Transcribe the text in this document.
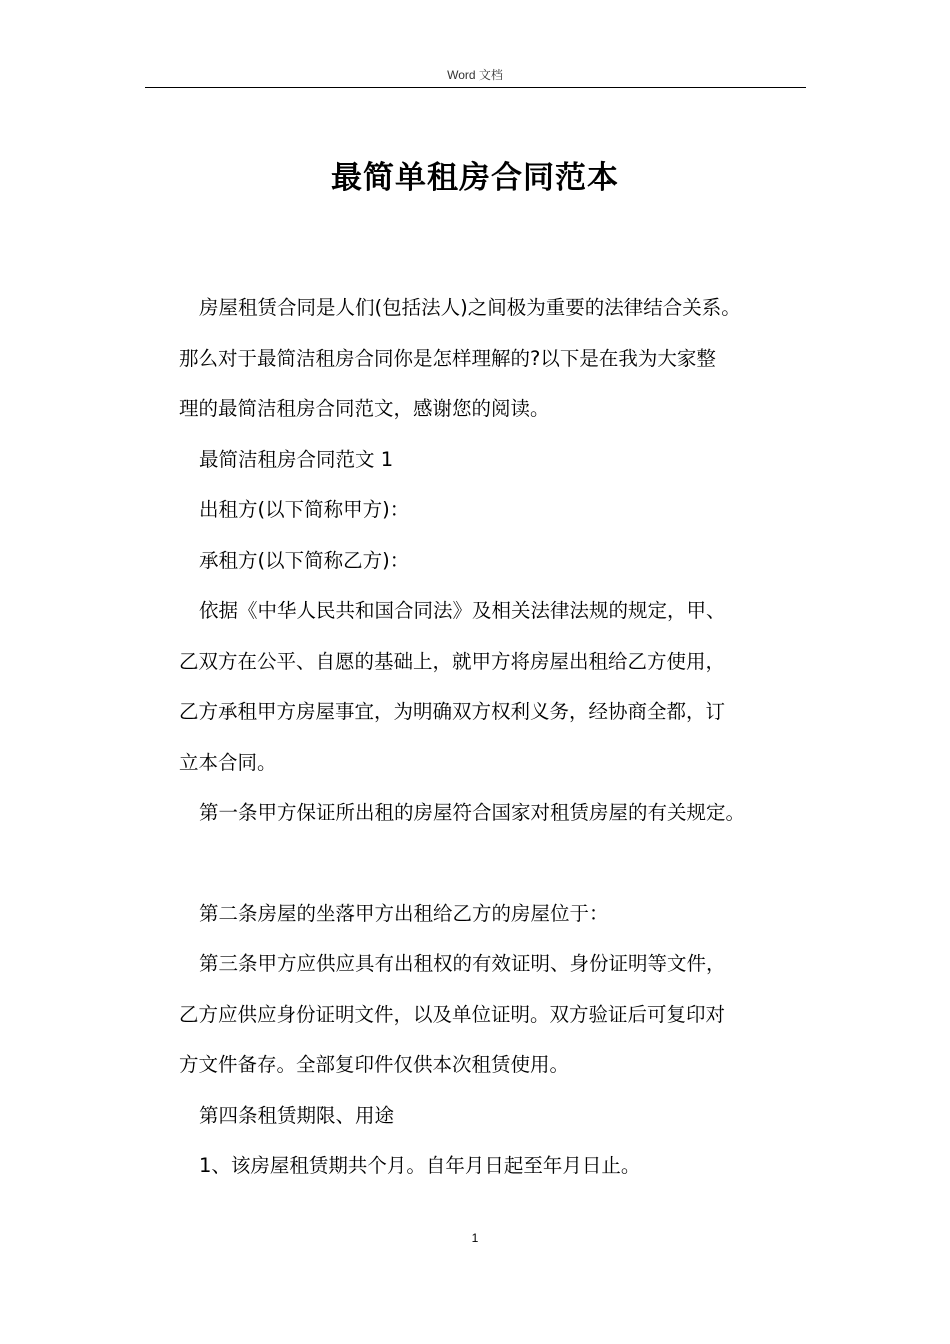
Word 文档
最简单租房合同范本
房屋租赁合同是人们(包括法人)之间极为重要的法律结合关系。
那么对于最简洁租房合同你是怎样理解的?以下是在我为大家整
理的最简洁租房合同范文，感谢您的阅读。
最简洁租房合同范文 1
出租方(以下简称甲方)：
承租方(以下简称乙方)：
依据《中华人民共和国合同法》及相关法律法规的规定，甲、
乙双方在公平、自愿的基础上，就甲方将房屋出租给乙方使用，
乙方承租甲方房屋事宜，为明确双方权利义务，经协商全都，订
立本合同。
第一条甲方保证所出租的房屋符合国家对租赁房屋的有关规定。
第二条房屋的坐落甲方出租给乙方的房屋位于：
第三条甲方应供应具有出租权的有效证明、身份证明等文件，
乙方应供应身份证明文件，以及单位证明。双方验证后可复印对
方文件备存。全部复印件仅供本次租赁使用。
第四条租赁期限、用途
1、该房屋租赁期共个月。自年月日起至年月日止。
1
